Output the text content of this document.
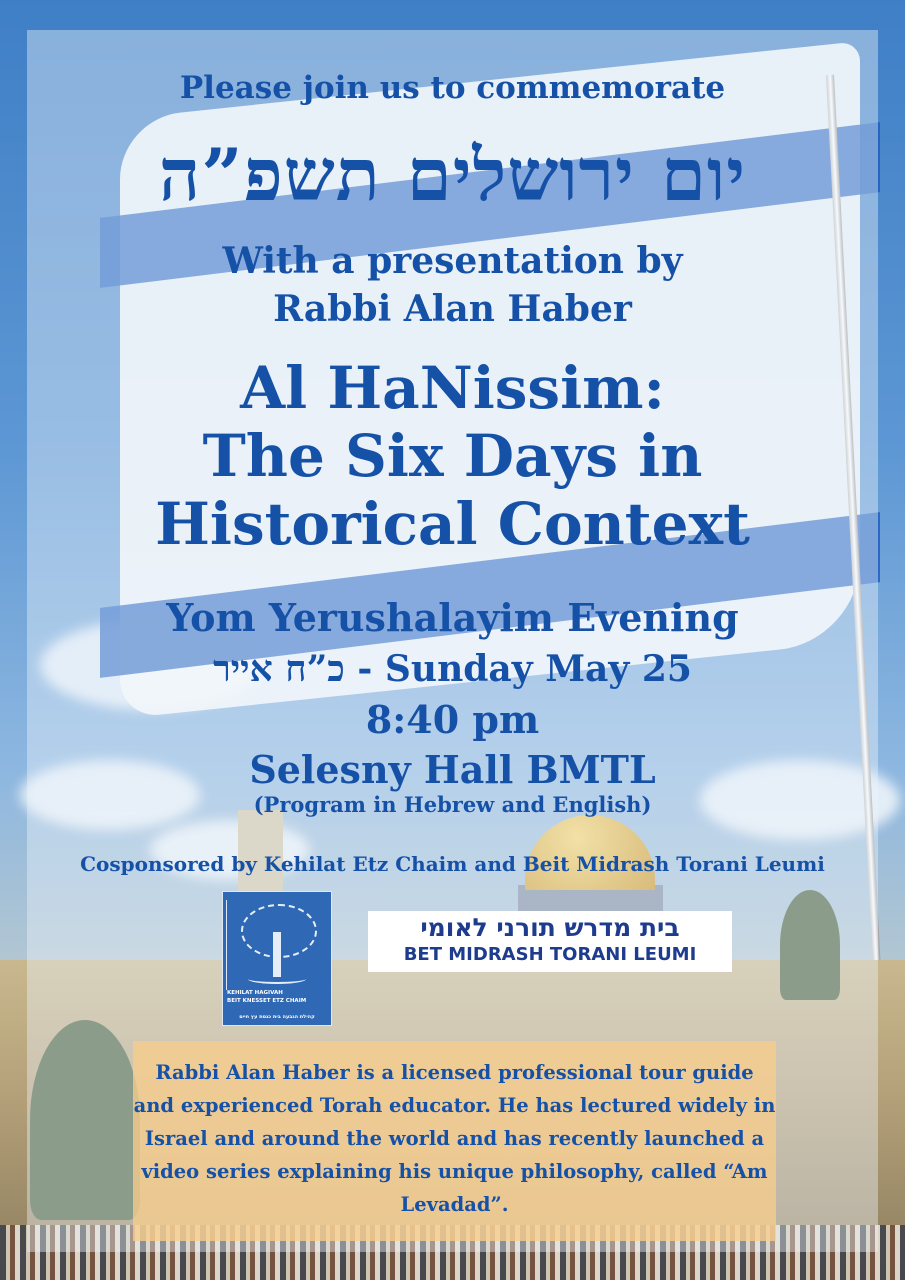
Please join us to commemorate
יום ירושלים תשפ”ה
With a presentation by
Rabbi Alan Haber
Al HaNissim:
The Six Days in
Historical Context
Yom Yerushalayim Evening
כ”ח אייר - Sunday May 25
8:40 pm
Selesny Hall BMTL
(Program in Hebrew and English)
Cosponsored by Kehilat Etz Chaim and Beit Midrash Torani Leumi
KEHILAT HAGIVAH
BEIT KNESSET ETZ CHAIM
קהילת הגבעה בית כנסת עץ חיים
בית מדרש תורני לאומי
BET MIDRASH TORANI LEUMI

Rabbi Alan Haber is a licensed professional tour guide and experienced Torah educator. He has lectured widely in Israel and around the world and has recently launched a video series explaining his unique philosophy, called “Am Levadad”.
